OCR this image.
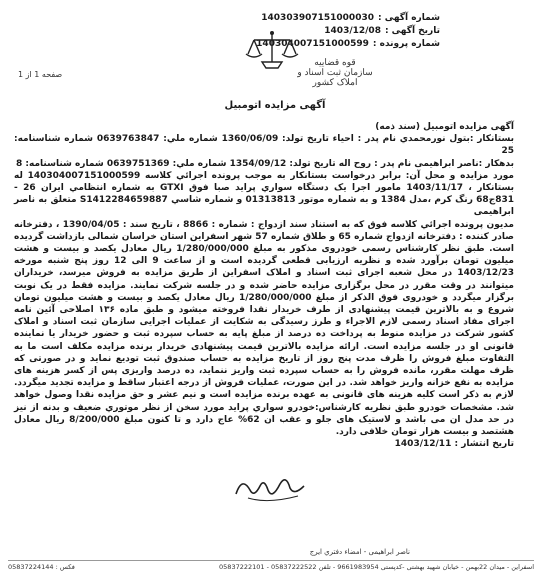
شماره آگهی :
140303907151000030
تاریخ آگهی :
1403/12/08
شماره پرونده :
140304007151000599
قوه قضاییه
سازمان ثبت اسناد و املاک کشور
صفحه 1 از 1
آگهی مزایده اتومبیل

آگهی مزایده اتومبیل (سند ذمه)

بستانکار :بتول نورمحمدي نام پدر : احیاء تاریخ تولد: 1360/06/09 شماره ملي: 0639763847 شماره شناسنامه: 25

بدهکار :ناصر ابراهيمی نام پدر : روح اله تاریخ تولد: 1354/09/12 شماره ملي: 0639751369 شماره شناسنامه: 8

مورد مزایده و محل آن: برابر درخواست بستانکار به موجب پرونده اجرائي کلاسه 140304007151000599 له بستانکار ، 1403/11/17 مامور اجرا یک دستگاه سواري پراید صبا فوق GTXI به شماره انتظامي ایران 26 - 831ج68 رنگ کرم ،مدل 1384 و به شماره موتور 01313813 و شماره شاسي S1412284659887 متعلق به ناصر ابراهيمی

مدیون پرونده اجرائي کلاسه فوق که به استناد سند ازدواج : شماره : 8866 ، تاریخ سند : 1390/04/05 ، دفترخانه صادر کننده : دفترخانه ازدواج شماره 65 و طلاق شماره 57 شهر اسفراین استان خراسان شمالی بازداشت گردیده است. طبق نظر کارشناس رسمی خودروی مذکور به مبلغ 1/280/000/000 ریال معادل یکصد و بیست و هشت میلیون تومان برآورد شده و نظریه ارزیابی قطعی گردیده است و از ساعت 9 الی 12 روز پنج شنبه مورخه 1403/12/23 در محل شعبه اجرای ثبت اسناد و املاک اسفراین از طریق مزایده به فروش میرسد، خریداران میتوانند در وقت مقرر در محل برگزاری مزایده حاضر شده و در جلسه شرکت نمایند. مزایده فقط در یک نوبت برگزار میگردد و خودروی فوق الذکر از مبلغ 1/280/000/000 ریال معادل یکصد و بیست و هشت میلیون تومان شروع و به بالاترین قیمت پیشنهادی از طرف خریدار نقدا فروخته میشود و طبق ماده ۱۳۶ اصلاحی آئین نامه اجرای مفاد اسناد رسمی لازم الاجراء و طرز رسیدگی به شکایت از عملیات اجرایی سازمان ثبت اسناد و املاک کشور شرکت در مزایده منوط به پرداخت ده درصد از مبلغ پایه به حساب سپرده ثبت و حضور خریدار یا نماینده قانونی او در جلسه مزایده است. ارائه مزایده بالاترین قیمت پیشنهادی خریدار برنده مزایده مکلف است ما به التفاوت مبلغ فروش را ظرف مدت پنج روز از تاریخ مزایده به حساب صندوق ثبت تودیع نماید و در صورتی که ظرف مهلت مقرر، مانده فروش را به حساب سپرده ثبت واریز ننماید، ده درصد واریزی پس از کسر هزینه های مزایده به نفع خزانه واریز خواهد شد. در این صورت، عملیات فروش از درجه اعتبار ساقط و مزایده تجدید میگردد. لازم به ذکر است کلیه هزینه های قانونی به عهده برنده مزایده است و نیم عشر و حق مزایده نقدا وصول خواهد شد. مشخصات خودرو طبق نظریه کارشناس:خودرو سواري پراید مورد سخن از نظر موتوري ضعيف و بدنه از نیز در حد مدل ان می باشد و لاستیک های جلو و عقب ان 62% عاج دارد و تا کنون مبلغ 8/200/000 ریال معادل هشتصد و بیست هزار تومان خلافی دارد.

تاریخ انتشار : 1403/12/11

ناصر ابراهيمی - امضاء دفتري ایرج
اسفراین - میدان 22بهمن - خیابان شهید بهشتی -کدپستی 9661983954 - تلفن 05837222522 - 05837222101
فکس : 05837224144
